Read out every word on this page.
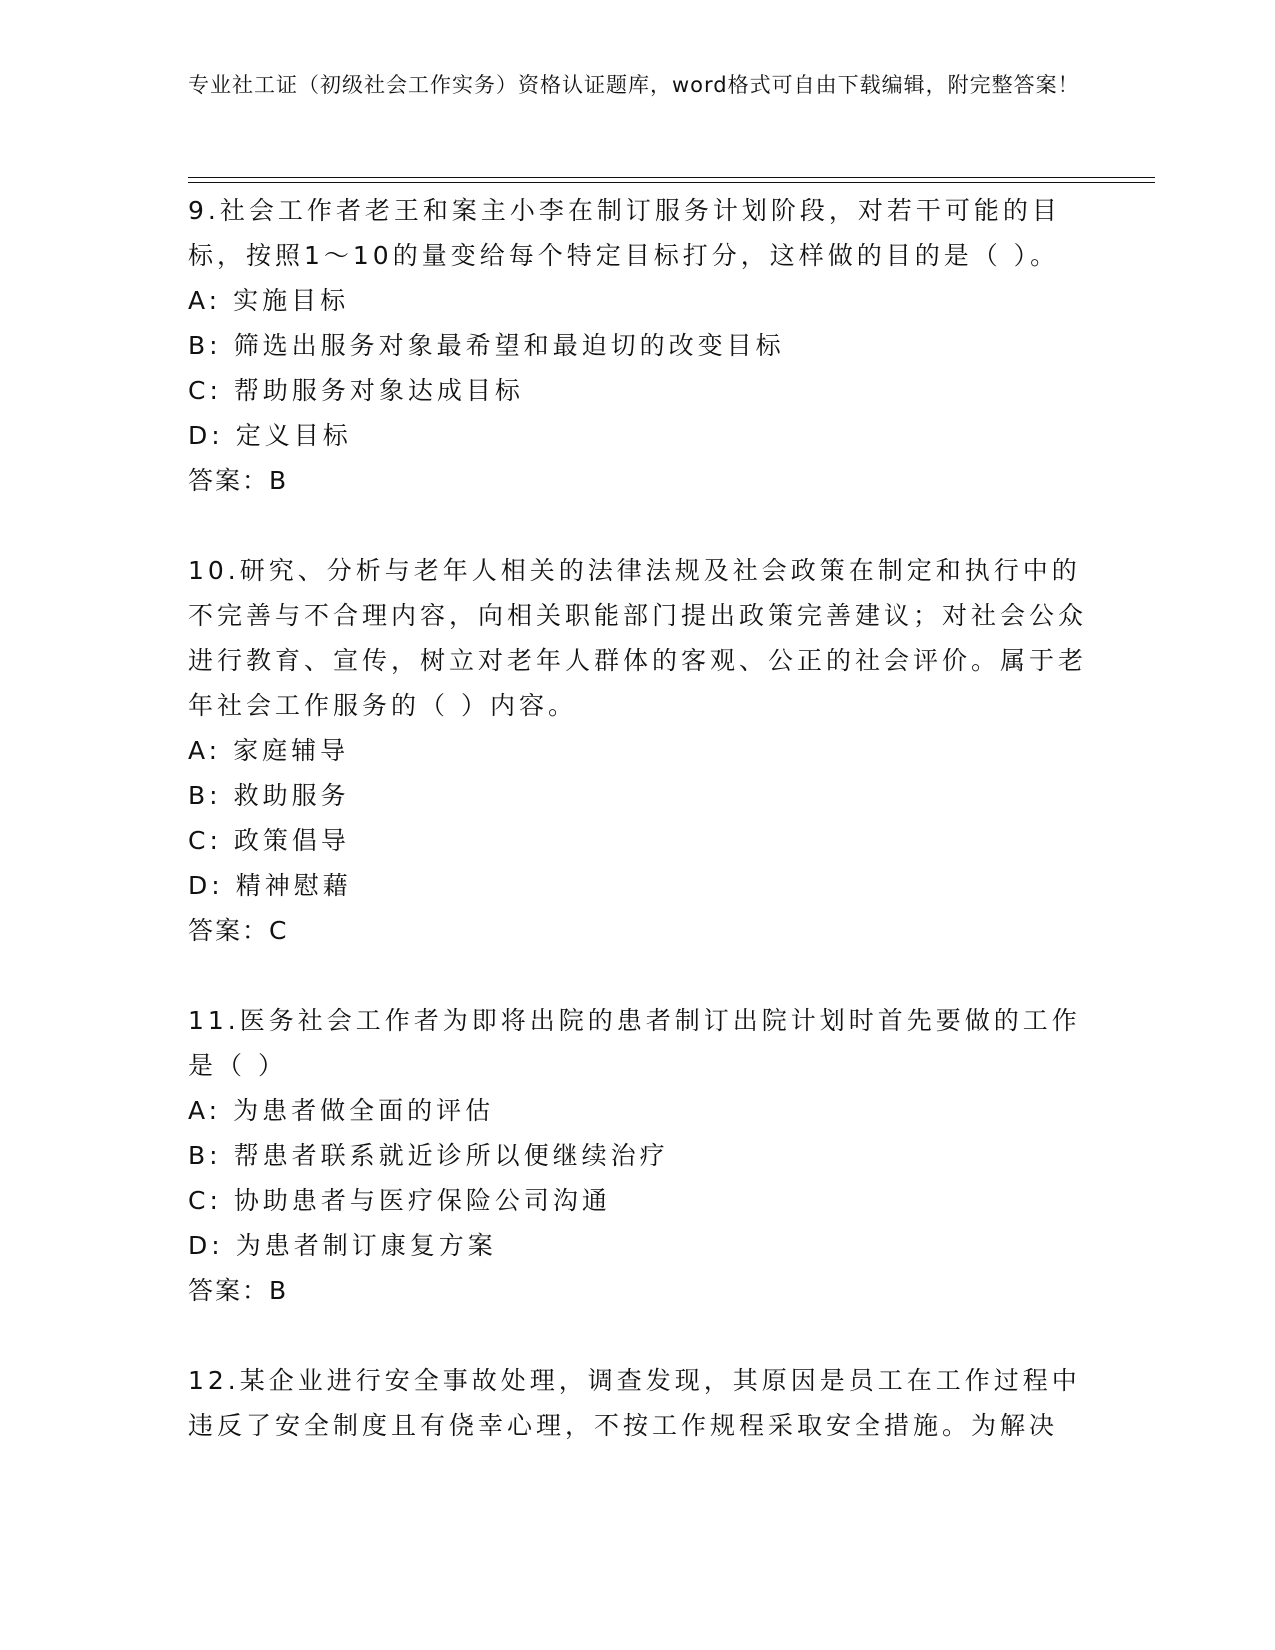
专业社工证（初级社会工作实务）资格认证题库，word格式可自由下载编辑，附完整答案！
9.社会工作者老王和案主小李在制订服务计划阶段，对若干可能的目标，按照1～10的量变给每个特定目标打分，这样做的目的是（ ）。
A: 实施目标
B: 筛选出服务对象最希望和最迫切的改变目标
C: 帮助服务对象达成目标
D: 定义目标
答案：B
10.研究、分析与老年人相关的法律法规及社会政策在制定和执行中的不完善与不合理内容，向相关职能部门提出政策完善建议；对社会公众进行教育、宣传，树立对老年人群体的客观、公正的社会评价。属于老年社会工作服务的（ ）内容。
A: 家庭辅导
B: 救助服务
C: 政策倡导
D: 精神慰藉
答案：C
11.医务社会工作者为即将出院的患者制订出院计划时首先要做的工作是（ ）
A: 为患者做全面的评估
B: 帮患者联系就近诊所以便继续治疗
C: 协助患者与医疗保险公司沟通
D: 为患者制订康复方案
答案：B
12.某企业进行安全事故处理，调查发现，其原因是员工在工作过程中违反了安全制度且有侥幸心理，不按工作规程采取安全措施。为解决
